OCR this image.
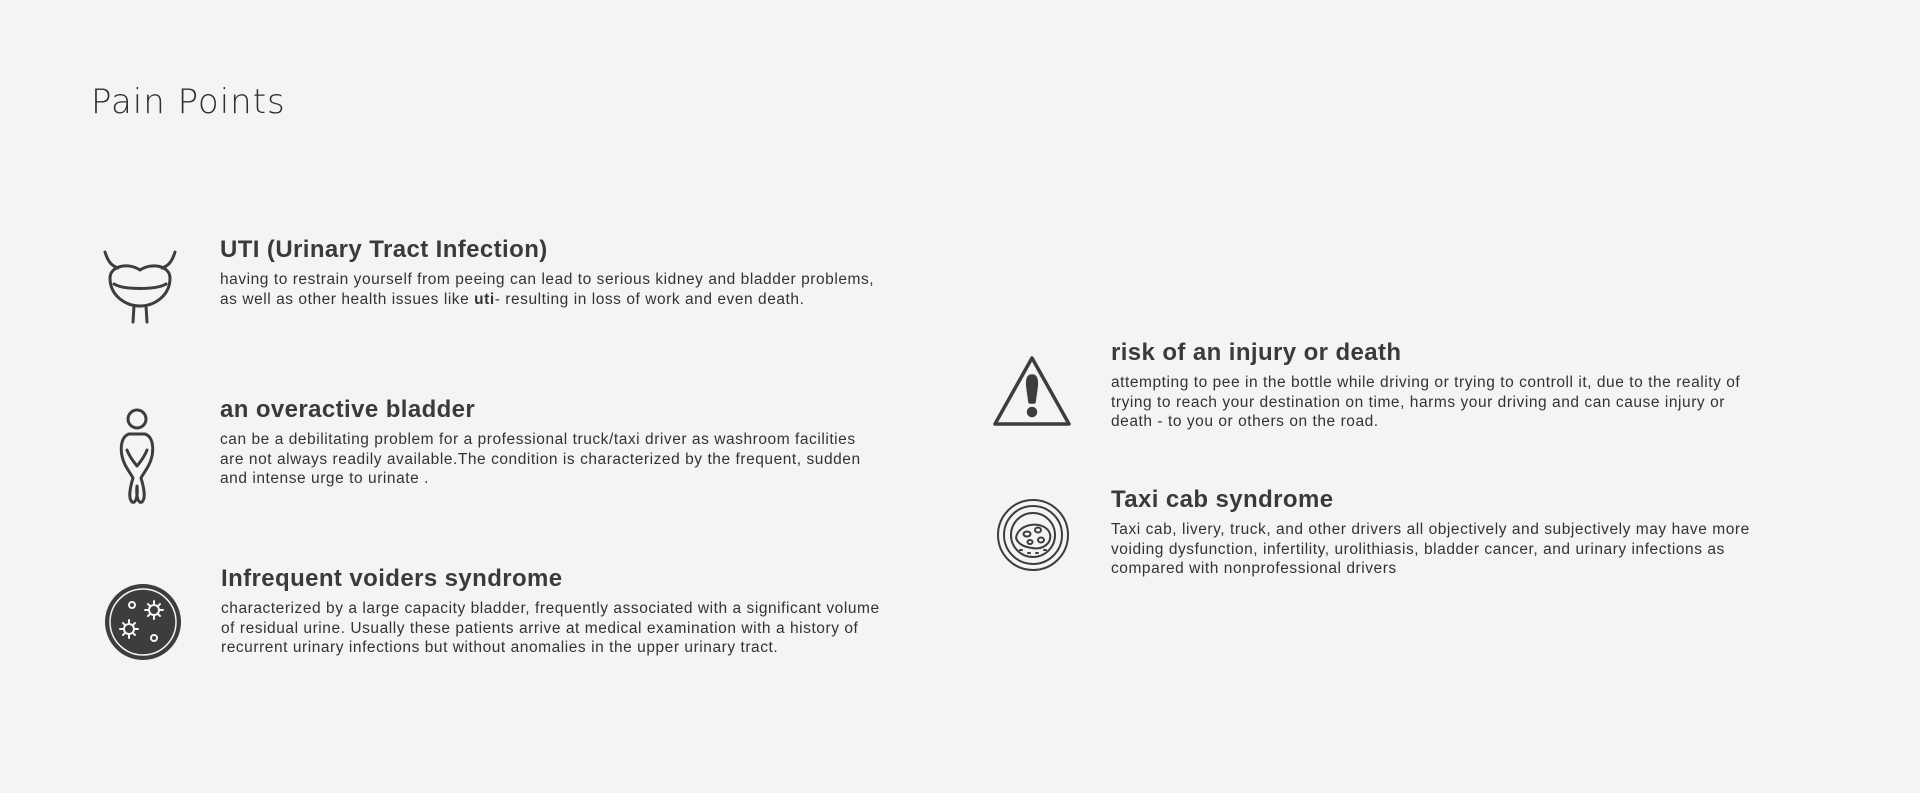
Pain Points
UTI (Urinary Tract Infection)

having to restrain yourself from peeing can lead to serious kidney and bladder problems, as well as other health issues like uti- resulting in loss of work and even death.

an overactive bladder

can be a debilitating problem for a professional truck/taxi driver as washroom facilities are not always readily available.The condition is characterized by the frequent, sudden and intense urge to urinate .

Infrequent voiders syndrome

characterized by a large capacity bladder, frequently associated with a significant volume of residual urine. Usually these patients arrive at medical examination with a history of recurrent urinary infections but without anomalies in the upper urinary tract.

risk of an injury or death

attempting to pee in the bottle while driving or trying to controll it, due to the reality of trying to reach your destination on time, harms your driving and can cause injury or death - to you or others on the road.

Taxi cab syndrome

Taxi cab, livery, truck, and other drivers all objectively and subjectively may have more voiding dysfunction, infertility, urolithiasis, bladder cancer, and urinary infections as compared with nonprofessional drivers
